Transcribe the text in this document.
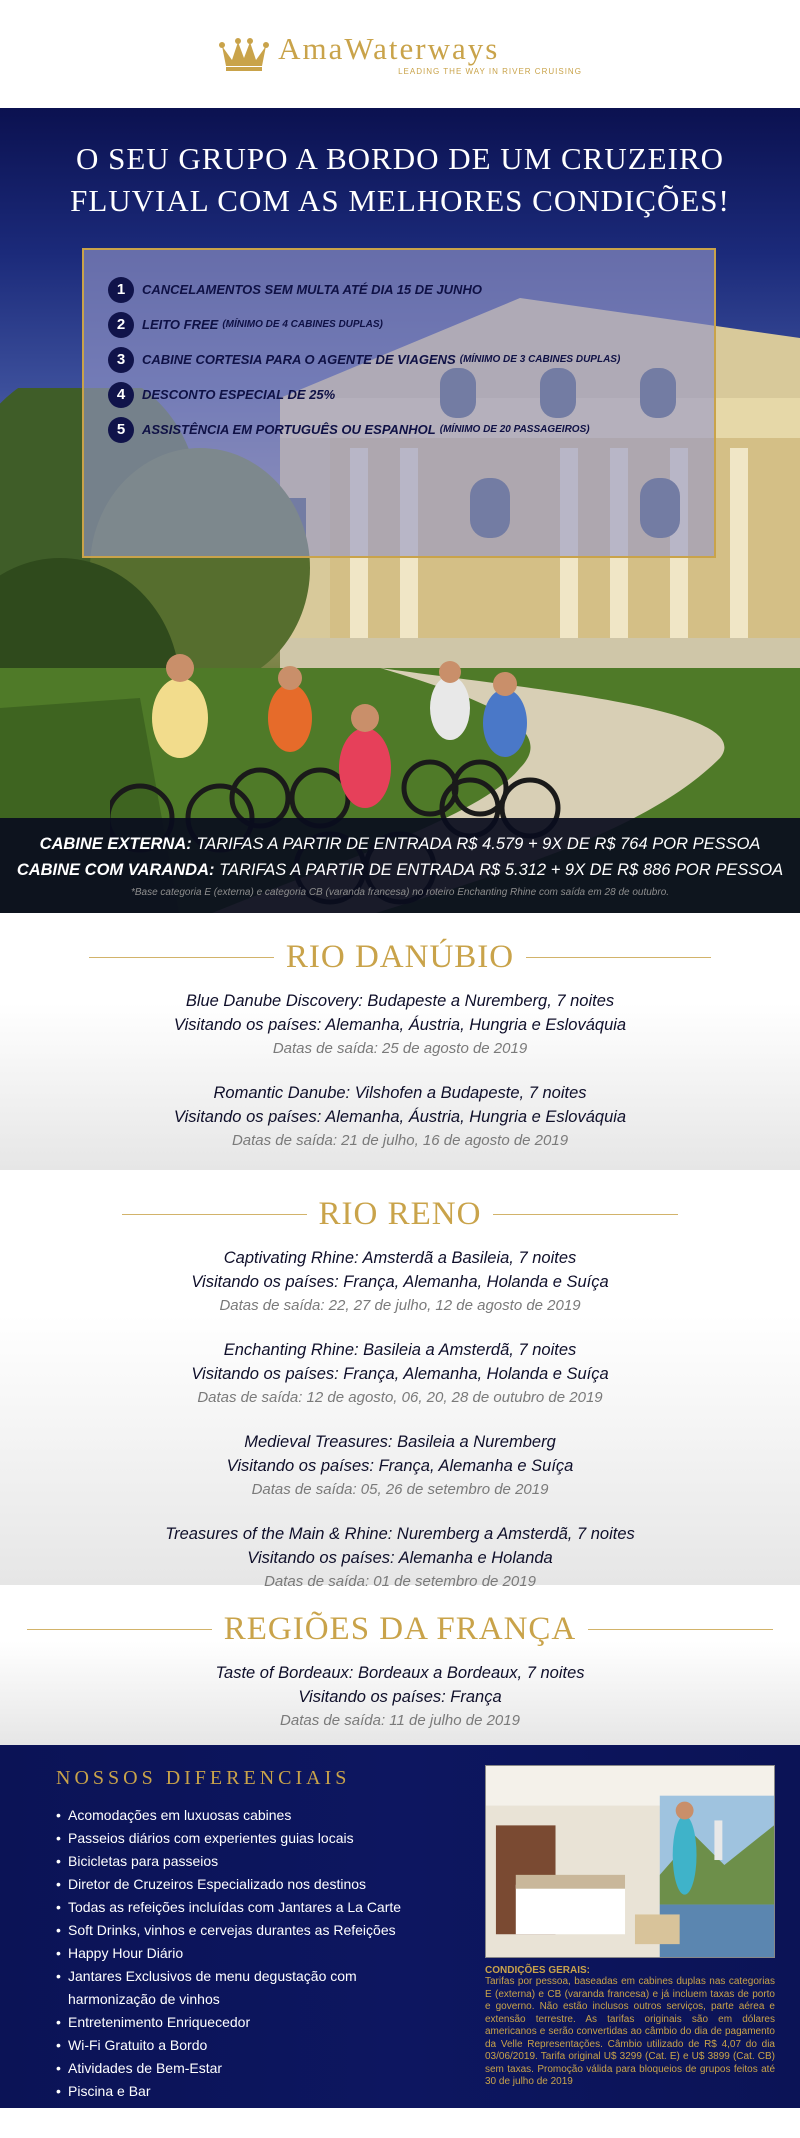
AmaWaterways
LEADING THE WAY IN RIVER CRUISING
O SEU GRUPO A BORDO DE UM CRUZEIRO
FLUVIAL COM AS MELHORES CONDIÇÕES!
1	CANCELAMENTOS SEM MULTA ATÉ DIA 15 DE JUNHO
2	LEITO FREE (MÍNIMO DE 4 CABINES DUPLAS)
3	CABINE CORTESIA PARA O AGENTE DE VIAGENS (MÍNIMO DE 3 CABINES DUPLAS)
4	DESCONTO ESPECIAL DE 25%
5	ASSISTÊNCIA EM PORTUGUÊS OU ESPANHOL (MÍNIMO DE 20 PASSAGEIROS)
CABINE EXTERNA: TARIFAS A PARTIR DE ENTRADA R$ 4.579 + 9X DE R$ 764 POR PESSOA
CABINE COM VARANDA: TARIFAS A PARTIR DE ENTRADA R$ 5.312 + 9X DE R$ 886 POR PESSOA
*Base categoria E (externa) e categoria CB (varanda francesa) no roteiro Enchanting Rhine com saída em 28 de outubro.
RIO DANÚBIO
Blue Danube Discovery: Budapeste a Nuremberg, 7 noites
Visitando os países: Alemanha, Áustria, Hungria e Eslováquia
Datas de saída: 25 de agosto de 2019
Romantic Danube: Vilshofen a Budapeste, 7 noites
Visitando os países: Alemanha, Áustria, Hungria e Eslováquia
Datas de saída: 21 de julho, 16 de agosto de 2019
RIO RENO
Captivating Rhine: Amsterdã a Basileia, 7 noites
Visitando os países: França, Alemanha, Holanda e Suíça
Datas de saída: 22, 27 de julho, 12 de agosto de 2019
Enchanting Rhine: Basileia a Amsterdã, 7 noites
Visitando os países: França, Alemanha, Holanda e Suíça
Datas de saída: 12 de agosto, 06, 20, 28 de outubro de 2019
Medieval Treasures: Basileia a Nuremberg
Visitando os países: França, Alemanha e Suíça
Datas de saída: 05, 26 de setembro de 2019
Treasures of the Main & Rhine: Nuremberg a Amsterdã, 7 noites
Visitando os países: Alemanha e Holanda
Datas de saída: 01 de setembro de 2019
REGIÕES DA FRANÇA
Taste of Bordeaux: Bordeaux a Bordeaux, 7 noites
Visitando os países: França
Datas de saída: 11 de julho de 2019
NOSSOS DIFERENCIAIS
• Acomodações em luxuosas cabines
• Passeios diários com experientes guias locais
• Bicicletas para passeios
• Diretor de Cruzeiros Especializado nos destinos
• Todas as refeições incluídas com Jantares a La Carte
• Soft Drinks, vinhos e cervejas durantes as Refeições
• Happy Hour Diário
• Jantares Exclusivos de menu degustação com harmonização de vinhos
• Entretenimento Enriquecedor
• Wi-Fi Gratuito a Bordo
• Atividades de Bem-Estar
• Piscina e Bar
CONDIÇÕES GERAIS:
Tarifas por pessoa, baseadas em cabines duplas nas categorias E (externa) e CB (varanda francesa) e já incluem taxas de porto e governo. Não estão inclusos outros serviços, parte aérea e extensão terrestre. As tarifas originais são em dólares americanos e serão convertidas ao câmbio do dia de pagamento da Velle Representações. Câmbio utilizado de R$ 4,07 do dia 03/06/2019. Tarifa original U$ 3299 (Cat. E) e U$ 3899 (Cat. CB) sem taxas. Promoção válida para bloqueios de grupos feitos até 30 de julho de 2019
